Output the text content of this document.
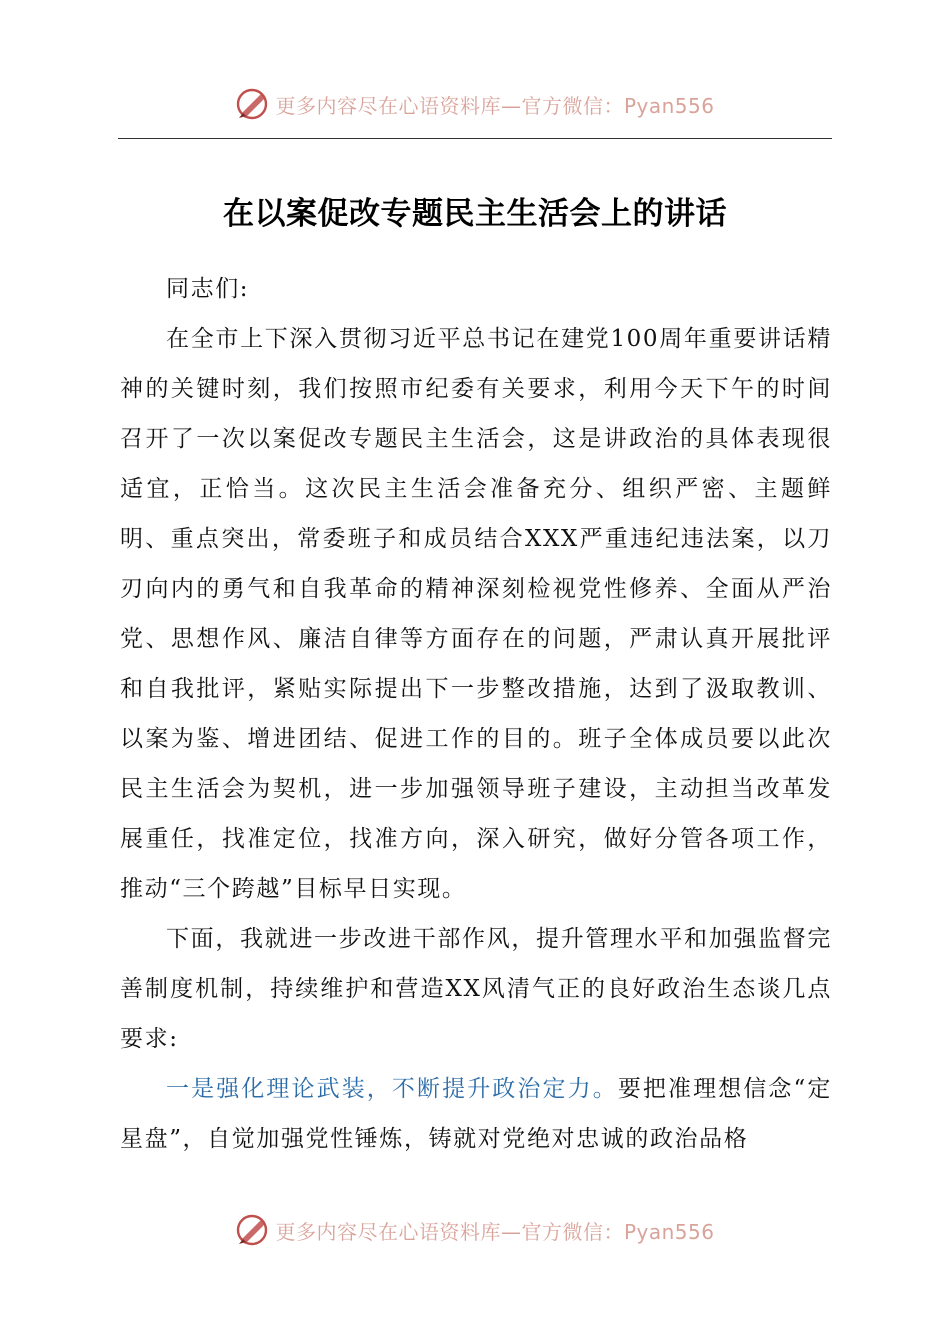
更多内容尽在心语资料库—官方微信：Pyan556
在以案促改专题民主生活会上的讲话

同志们:

在全市上下深入贯彻习近平总书记在建党100周年重要讲话精神的关键时刻，我们按照市纪委有关要求，利用今天下午的时间召开了一次以案促改专题民主生活会，这是讲政治的具体表现很适宜，正恰当。这次民主生活会准备充分、组织严密、主题鲜明、重点突出，常委班子和成员结合XXX严重违纪违法案，以刀刃向内的勇气和自我革命的精神深刻检视党性修养、全面从严治党、思想作风、廉洁自律等方面存在的问题，严肃认真开展批评和自我批评，紧贴实际提出下一步整改措施，达到了汲取教训、以案为鉴、增进团结、促进工作的目的。班子全体成员要以此次民主生活会为契机，进一步加强领导班子建设，主动担当改革发展重任，找准定位，找准方向，深入研究，做好分管各项工作，推动“三个跨越”目标早日实现。

下面，我就进一步改进干部作风，提升管理水平和加强监督完善制度机制，持续维护和营造XX风清气正的良好政治生态谈几点要求:

一是强化理论武装，不断提升政治定力。要把准理想信念“定星盘”，自觉加强党性锤炼，铸就对党绝对忠诚的政治品格

更多内容尽在心语资料库—官方微信：Pyan556
